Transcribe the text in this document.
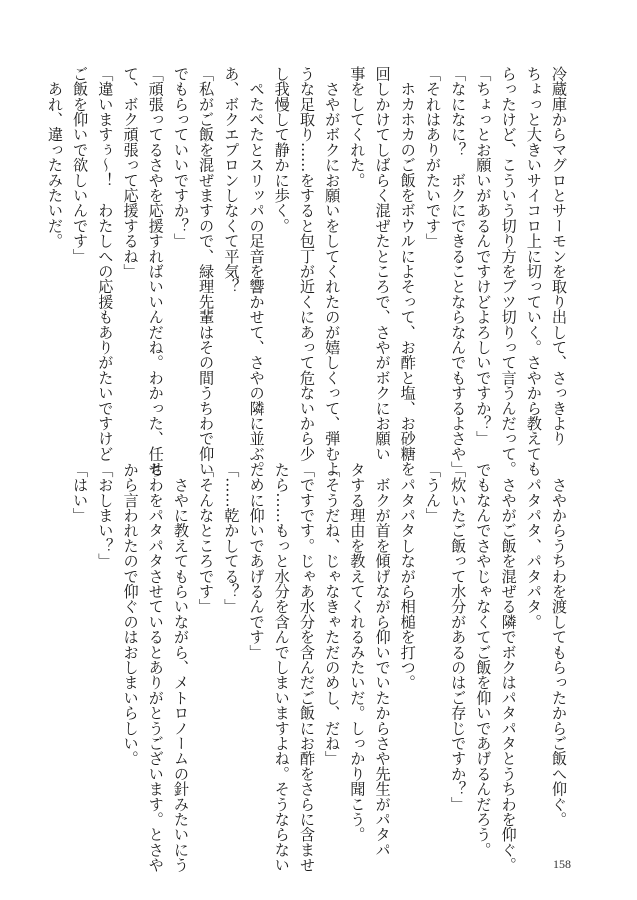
冷蔵庫からマグロとサーモンを取り出して、さっきより
ちょっと大きいサイコロ上に切っていく。さやから教えても
らったけど、こういう切り方をブツ切りって言うんだって。
「ちょっとお願いがあるんですけどよろしいですか？」
「なになに？　ボクにできることならなんでもするよさや」
「それはありがたいです」
　ホカホカのご飯をボウルによそって、お酢と塩、お砂糖を
回しかけてしばらく混ぜたところで、さやがボクにお願い
事をしてくれた。
　さやがボクにお願いをしてくれたのが嬉しくって、弾むよ
うな足取り……をすると包丁が近くにあって危ないから少
し我慢して静かに歩く。
　ぺたぺたとスリッパの足音を響かせて、さやの隣に並ぶ。
あ、ボクエプロンしなくて平気？
「私がご飯を混ぜますので、緑理先輩はその間うちわで仰い
でもらっていいですか？」
「頑張ってるさやを応援すればいいんだね。わかった、任せ
て、ボク頑張って応援するね」
「違いますぅ～！　わたしへの応援もありがたいですけど
ご飯を仰いで欲しいんです」
　あれ、違ったみたいだ。
　さやからうちわを渡してもらったからご飯へ仰ぐ。
　パタパタ、パタパタ。
　さやがご飯を混ぜる隣でボクはパタパタとうちわを仰ぐ。
でもなんでさやじゃなくてご飯を仰いであげるんだろう。
「炊いたご飯って水分があるのはご存じですか？」
「うん」
　パタパタしながら相槌を打つ。
　ボクが首を傾げながら仰いでいたからさや先生がパタパ
タする理由を教えてくれるみたいだ。しっかり聞こう。
「そうだね、じゃなきゃただのめし、だね」
「ですです。じゃあ水分を含んだご飯にお酢をさらに含ませ
たら……もっと水分を含んでしまいますよね。そうならない
ために仰いであげるんです」
「……乾かしてる？」
「そんなところです」
　さやに教えてもらいながら、メトロノームの針みたいにう
ちわをパタパタさせているとありがとうございます。とさや
から言われたので仰ぐのはおしまいらしい。
「おしまい？」
「はい」
158
